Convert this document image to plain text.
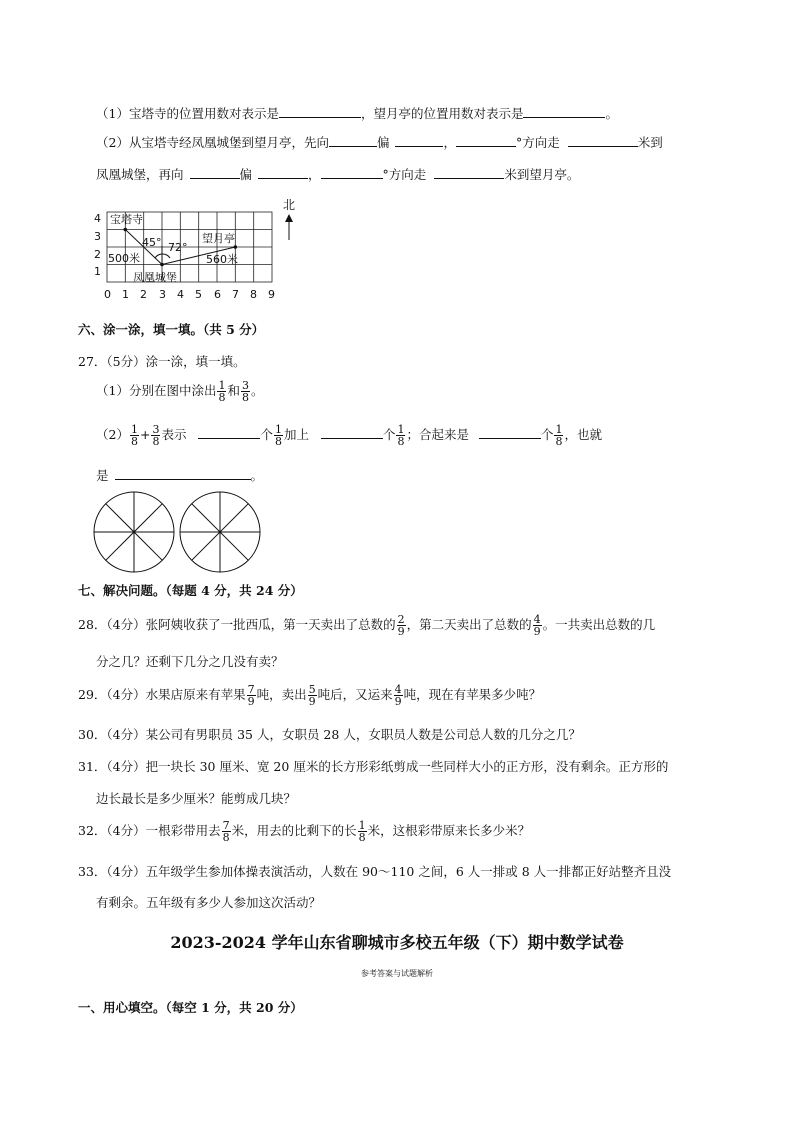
（1）宝塔寺的位置用数对表示是	，望月亭的位置用数对表示是	。
（2）从宝塔寺经凤凰城堡到望月亭，先向	偏	，	°方向走	米到
凤凰城堡，再向	偏	，	°方向走	米到望月亭。
宝塔寺
望月亭
凤凰城堡
500米	560米
45° 72°
1
2
3
4
0 1 2 3 4 5 6 7 8 9
北
六、涂一涂，填一填。（共 5 分）
27．（5分）涂一涂，填一填。
（1）分别在图中涂出 $\frac{1}{8}$ 和 $\frac{3}{8}$ 。
$(2) \frac{1}{8} + \frac{3}{8}$ 表示	个 $\frac{1}{8}$ 加上	个 $\frac{1}{8}$ ；合起来是	个 $\frac{1}{8}$ ，也就
是	。
七、解决问题。（每题 4 分，共 24 分）
28．（4分）张阿姨收获了一批西瓜，第一天卖出了总数的 $\frac{2}{9}$ ，第二天卖出了总数的 $\frac{4}{9}$ 。一共卖出总数的几
分之几？还剩下几分之几没有卖？
29．（4分）水果店原来有苹果 $\frac{7}{9}$ 吨，卖出 $\frac{5}{9}$ 吨后，又运来 $\frac{4}{9}$ 吨，现在有苹果多少吨？
30．（4分）某公司有男职员 35 人，女职员 28 人，女职员人数是公司总人数的几分之几？
31．（4分）把一块长 30 厘米、宽 20 厘米的长方形彩纸剪成一些同样大小的正方形，没有剩余。正方形的
边长最长是多少厘米？能剪成几块？
32．（4分）一根彩带用去 $\frac{7}{8}$ 米，用去的比剩下的长 $\frac{1}{8}$ 米，这根彩带原来长多少米？
33．（4分）五年级学生参加体操表演活动，人数在 90～110 之间，6 人一排或 8 人一排都正好站整齐且没
有剩余。五年级有多少人参加这次活动？
2023-2024 学年山东省聊城市多校五年级（下）期中数学试卷
参考答案与试题解析
一、用心填空。（每空 1 分，共 20 分）
